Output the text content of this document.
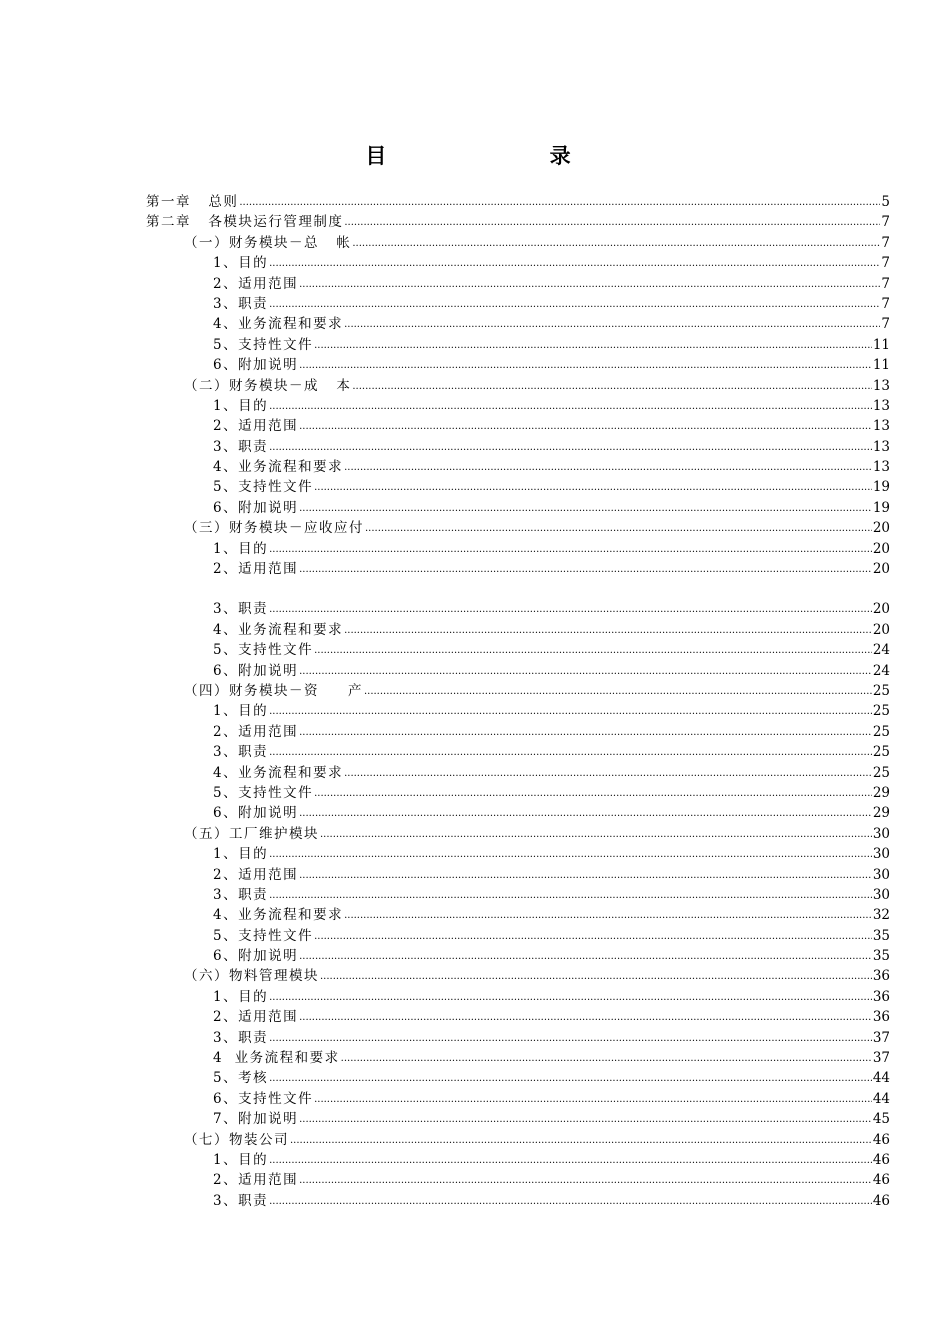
目 录
第一章   总则 .....	5
第二章   各模块运行管理制度 .....	7
（一）财务模块－总   帐 .....	7
1、目的 .....	7
2、适用范围 .....	7
3、职责 .....	7
4、业务流程和要求 .....	7
5、支持性文件 .....	11
6、附加说明 .....	11
（二）财务模块－成   本 .....	13
1、目的 .....	13
2、适用范围 .....	13
3、职责 .....	13
4、业务流程和要求 .....	13
5、支持性文件 .....	19
6、附加说明 .....	19
（三）财务模块－应收应付 .....	20
1、目的 .....	20
2、适用范围 .....	20
3、职责 .....	20
4、业务流程和要求 .....	20
5、支持性文件 .....	24
6、附加说明 .....	24
（四）财务模块－资     产 .....	25
1、目的 .....	25
2、适用范围 .....	25
3、职责 .....	25
4、业务流程和要求 .....	25
5、支持性文件 .....	29
6、附加说明 .....	29
（五）工厂维护模块 .....	30
1、目的 .....	30
2、适用范围 .....	30
3、职责 .....	30
4、业务流程和要求 .....	32
5、支持性文件 .....	35
6、附加说明 .....	35
（六）物料管理模块 .....	36
1、目的 .....	36
2、适用范围 .....	36
3、职责 .....	37
4  业务流程和要求 .....	37
5、考核 .....	44
6、支持性文件 .....	44
7、附加说明 .....	45
（七）物装公司 .....	46
1、目的 .....	46
2、适用范围 .....	46
3、职责 .....	46
